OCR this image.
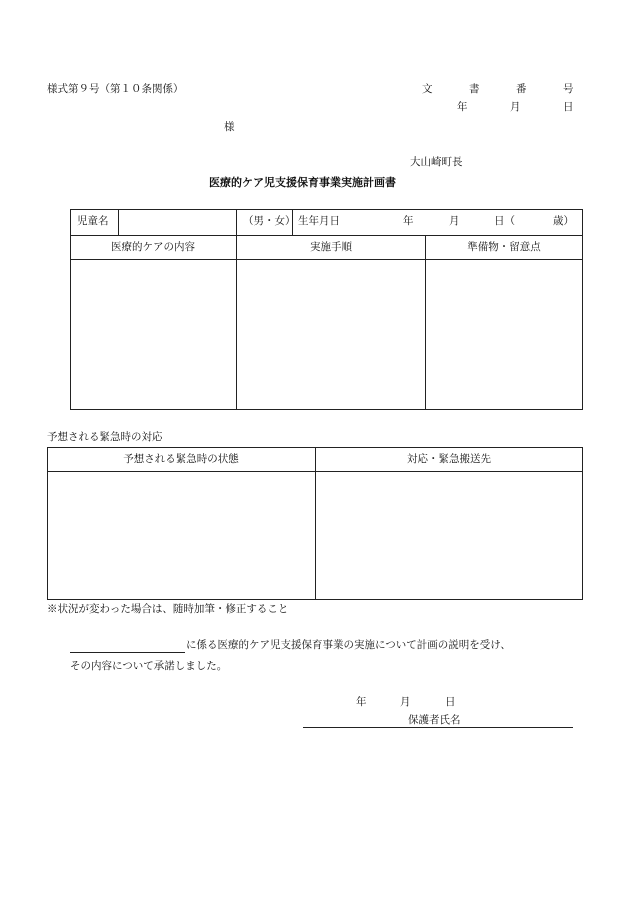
様式第９号（第１０条関係）	文	書	番	号
年	月	日
様
大山崎町長
医療的ケア児支援保育事業実施計画書
児童名	（男・女） 生年月日	年	月	日（	歳）
医療的ケアの内容	実施手順	準備物・留意点
予想される緊急時の対応
予想される緊急時の状態	対応・緊急搬送先
※状況が変わった場合は、随時加筆・修正すること
に係る医療的ケア児支援保育事業の実施について計画の説明を受け、
その内容について承諾しました。
年	月	日
保護者氏名
